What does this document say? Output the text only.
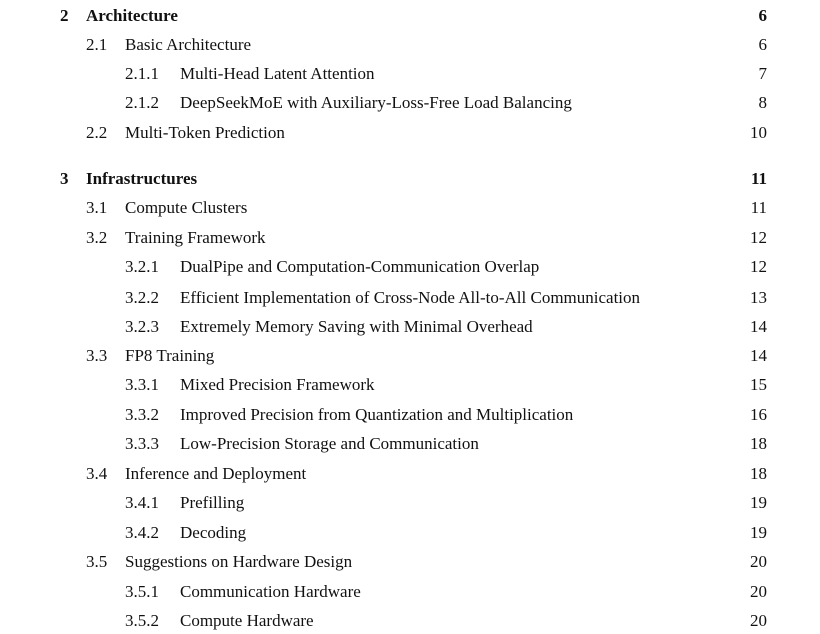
2 Architecture	6
2.1 Basic Architecture	6
2.1.1 Multi-Head Latent Attention	7
2.1.2 DeepSeekMoE with Auxiliary-Loss-Free Load Balancing	8
2.2 Multi-Token Prediction	10
3 Infrastructures	11
3.1 Compute Clusters	11
3.2 Training Framework	12
3.2.1 DualPipe and Computation-Communication Overlap	12
3.2.2 Efficient Implementation of Cross-Node All-to-All Communication	13
3.2.3 Extremely Memory Saving with Minimal Overhead	14
3.3 FP8 Training	14
3.3.1 Mixed Precision Framework	15
3.3.2 Improved Precision from Quantization and Multiplication	16
3.3.3 Low-Precision Storage and Communication	18
3.4 Inference and Deployment	18
3.4.1 Prefilling	19
3.4.2 Decoding	19
3.5 Suggestions on Hardware Design	20
3.5.1 Communication Hardware	20
3.5.2 Compute Hardware	20
